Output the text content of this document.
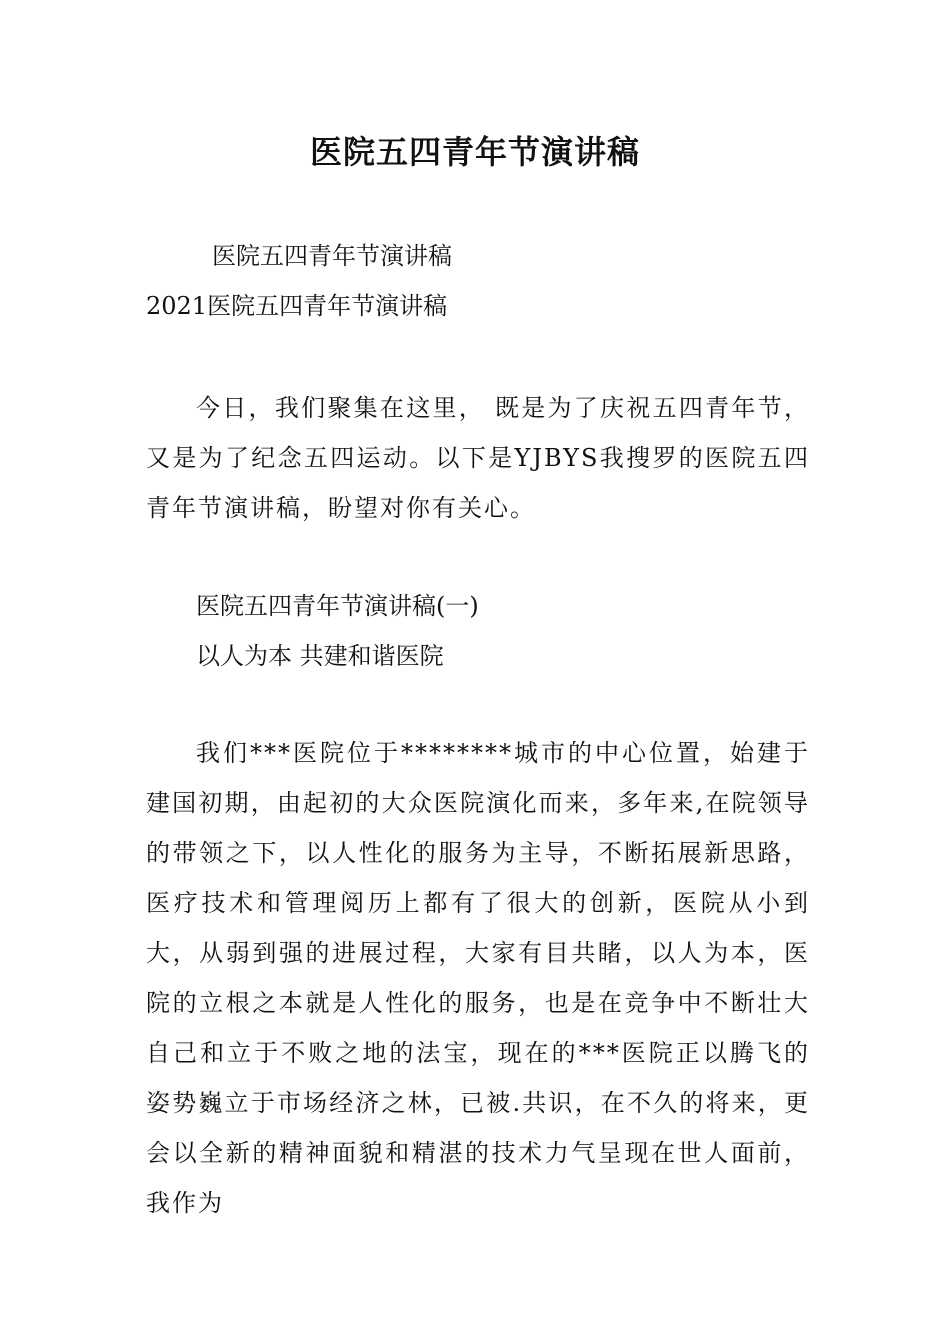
医院五四青年节演讲稿

医院五四青年节演讲稿

2021医院五四青年节演讲稿

今日，我们聚集在这里， 既是为了庆祝五四青年节，又是为了纪念五四运动。以下是YJBYS我搜罗的医院五四青年节演讲稿，盼望对你有关心。

医院五四青年节演讲稿(一)

以人为本 共建和谐医院

我们***医院位于********城市的中心位置，始建于建国初期，由起初的大众医院演化而来，多年来,在院领导的带领之下，以人性化的服务为主导，不断拓展新思路，医疗技术和管理阅历上都有了很大的创新，医院从小到大，从弱到强的进展过程，大家有目共睹，以人为本，医院的立根之本就是人性化的服务，也是在竞争中不断壮大自己和立于不败之地的法宝，现在的***医院正以腾飞的姿势巍立于市场经济之林，已被.共识，在不久的将来，更会以全新的精神面貌和精湛的技术力气呈现在世人面前，我作为
